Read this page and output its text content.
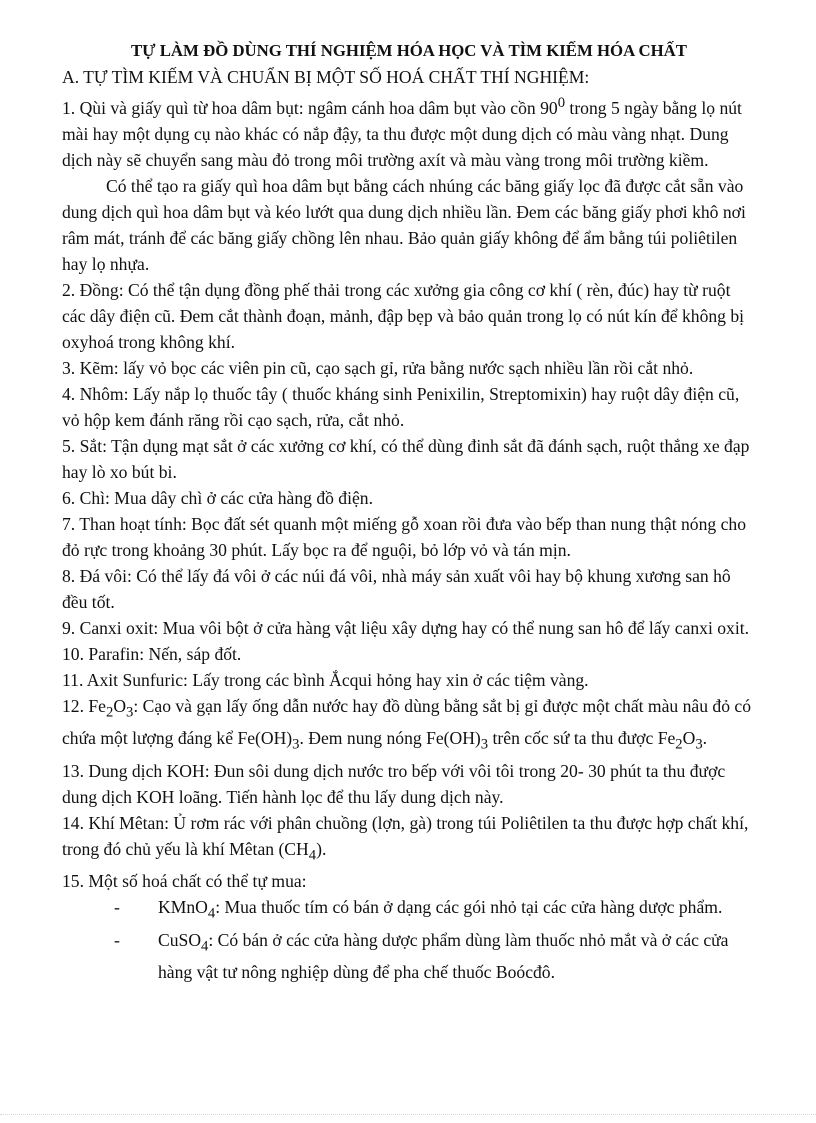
TỰ LÀM ĐỒ DÙNG THÍ NGHIỆM HÓA HỌC VÀ TÌM KIẾM HÓA CHẤT

A. TỰ TÌM KIẾM VÀ CHUẨN BỊ MỘT SỐ HOÁ CHẤT THÍ NGHIỆM:

1. Qùi và giấy quì từ hoa dâm bụt: ngâm cánh hoa dâm bụt vào cồn $90^0$ trong 5 ngày bằng lọ nút mài hay một dụng cụ nào khác có nắp đậy, ta thu được một dung dịch có màu vàng nhạt. Dung dịch này sẽ chuyển sang màu đỏ trong môi trường axít và màu vàng trong môi trường kiềm.

Có thể tạo ra giấy quì hoa dâm bụt bằng cách nhúng các băng giấy lọc đã được cắt sẵn vào dung dịch quì hoa dâm bụt và kéo lướt qua dung dịch nhiều lần. Đem các băng giấy phơi khô nơi râm mát, tránh để các băng giấy chồng lên nhau. Bảo quản giấy không để ẩm bằng túi poliêtilen hay lọ nhựa.

2. Đồng: Có thể tận dụng đồng phế thải trong các xưởng gia công cơ khí ( rèn, đúc) hay từ ruột các dây điện cũ. Đem cắt thành đoạn, mảnh, đập bẹp và bảo quản trong lọ có nút kín để không bị oxyhoá trong không khí.

3. Kẽm: lấy vỏ bọc các viên pin cũ, cạo sạch gỉ, rửa bằng nước sạch nhiều lần rồi cắt nhỏ.

4. Nhôm: Lấy nắp lọ thuốc tây ( thuốc kháng sinh Penixilin, Streptomixin) hay ruột dây điện cũ, vỏ hộp kem đánh răng rồi cạo sạch, rửa, cắt nhỏ.

5. Sắt: Tận dụng mạt sắt ở các xưởng cơ khí, có thể dùng đinh sắt đã đánh sạch, ruột thắng xe đạp hay lò xo bút bi.

6. Chì: Mua dây chì ở các cửa hàng đồ điện.

7. Than hoạt tính: Bọc đất sét quanh một miếng gỗ xoan rồi đưa vào bếp than nung thật nóng cho đỏ rực trong khoảng 30 phút. Lấy bọc ra để nguội, bỏ lớp vỏ và tán mịn.

8. Đá vôi: Có thể lấy đá vôi ở các núi đá vôi, nhà máy sản xuất vôi hay bộ khung xương san hô đều tốt.

9. Canxi oxit: Mua vôi bột ở cửa hàng vật liệu xây dựng hay có thể nung san hô để lấy canxi oxit.

10. Parafin: Nến, sáp đốt.

11. Axit Sunfuric: Lấy trong các bình Ắcqui hỏng hay xin ở các tiệm vàng.

12. $Fe_2O_3$: Cạo và gạn lấy ống dẫn nước hay đồ dùng bằng sắt bị gỉ được một chất màu nâu đỏ có chứa một lượng đáng kể $Fe(OH)_3$. Đem nung nóng $Fe(OH)_3$ trên cốc sứ ta thu được $Fe_2O_3$.

13. Dung dịch KOH: Đun sôi dung dịch nước tro bếp với vôi tôi trong 20- 30 phút ta thu được dung dịch KOH loãng. Tiến hành lọc để thu lấy dung dịch này.

14. Khí Mêtan: Ủ rơm rác với phân chuồng (lợn, gà) trong túi Poliêtilen ta thu được hợp chất khí, trong đó chủ yếu là khí Mêtan $(CH_4)$.

15. Một số hoá chất có thể tự mua:

- KMnO$_4$: Mua thuốc tím có bán ở dạng các gói nhỏ tại các cửa hàng dược phẩm.
- CuSO$_4$: Có bán ở các cửa hàng dược phẩm dùng làm thuốc nhỏ mắt và ở các cửa hàng vật tư nông nghiệp dùng để pha chế thuốc Boócđô.
